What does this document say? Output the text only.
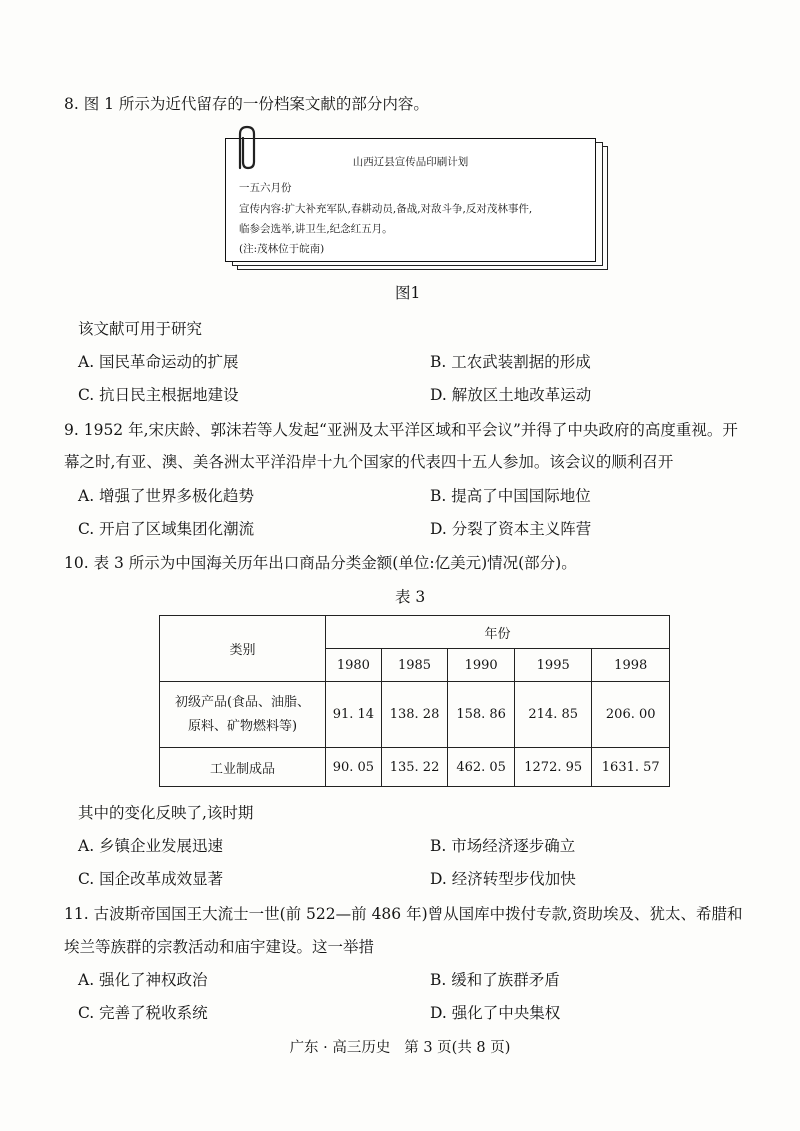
8. 图 1 所示为近代留存的一份档案文献的部分内容。
山西辽县宣传品印刷计划
一五六月份
宣传内容:扩大补充军队,春耕动员,备战,对敌斗争,反对茂林事件,
临参会选举,讲卫生,纪念红五月。
(注:茂林位于皖南)
图1
该文献可用于研究
A. 国民革命运动的扩展	B. 工农武装割据的形成
C. 抗日民主根据地建设	D. 解放区土地改革运动
9. 1952 年,宋庆龄、郭沫若等人发起“亚洲及太平洋区域和平会议”并得了中央政府的高度重视。开
幕之时,有亚、澳、美各洲太平洋沿岸十九个国家的代表四十五人参加。该会议的顺利召开
A. 增强了世界多极化趋势	B. 提高了中国国际地位
C. 开启了区域集团化潮流	D. 分裂了资本主义阵营
10. 表 3 所示为中国海关历年出口商品分类金额(单位:亿美元)情况(部分)。
表 3
类别	年份				
	1980	1985	1990	1995	1998

初级产品(食品、油脂、
原料、矿物燃料等)	91. 14	138. 28	158. 86	214. 85	206. 00
工业制成品	90. 05	135. 22	462. 05	1272. 95	1631. 57
其中的变化反映了,该时期
A. 乡镇企业发展迅速	B. 市场经济逐步确立
C. 国企改革成效显著	D. 经济转型步伐加快
11. 古波斯帝国国王大流士一世(前 522—前 486 年)曾从国库中拨付专款,资助埃及、犹太、希腊和
埃兰等族群的宗教活动和庙宇建设。这一举措
A. 强化了神权政治	B. 缓和了族群矛盾
C. 完善了税收系统	D. 强化了中央集权
广东 · 高三历史   第 3 页(共 8 页)
